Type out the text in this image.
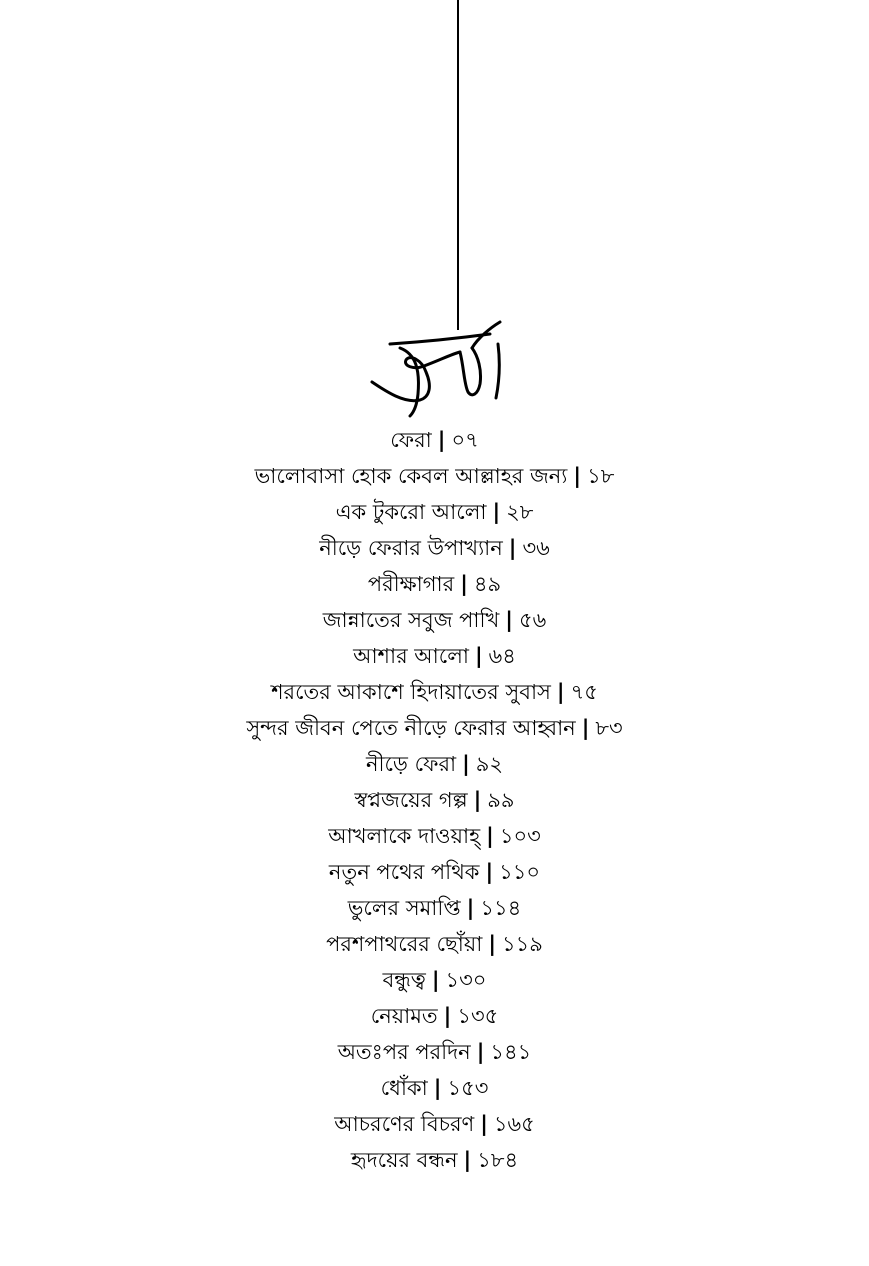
ফেরা | ০৭
ভালোবাসা হোক কেবল আল্লাহর জন্য | ১৮
এক টুকরো আলো | ২৮
নীড়ে ফেরার উপাখ্যান | ৩৬
পরীক্ষাগার | ৪৯
জান্নাতের সবুজ পাখি | ৫৬
আশার আলো | ৬৪
শরতের আকাশে হিদায়াতের সুবাস | ৭৫
সুন্দর জীবন পেতে নীড়ে ফেরার আহ্বান | ৮৩
নীড়ে ফেরা | ৯২
স্বপ্নজয়ের গল্প | ৯৯
আখলাকে দাওয়াহ্ | ১০৩
নতুন পথের পথিক | ১১০
ভুলের সমাপ্তি | ১১৪
পরশপাথরের ছোঁয়া | ১১৯
বন্ধুত্ব | ১৩০
নেয়ামত | ১৩৫
অতঃপর পরদিন | ১৪১
ধোঁকা | ১৫৩
আচরণের বিচরণ | ১৬৫
হৃদয়ের বন্ধন | ১৮৪
